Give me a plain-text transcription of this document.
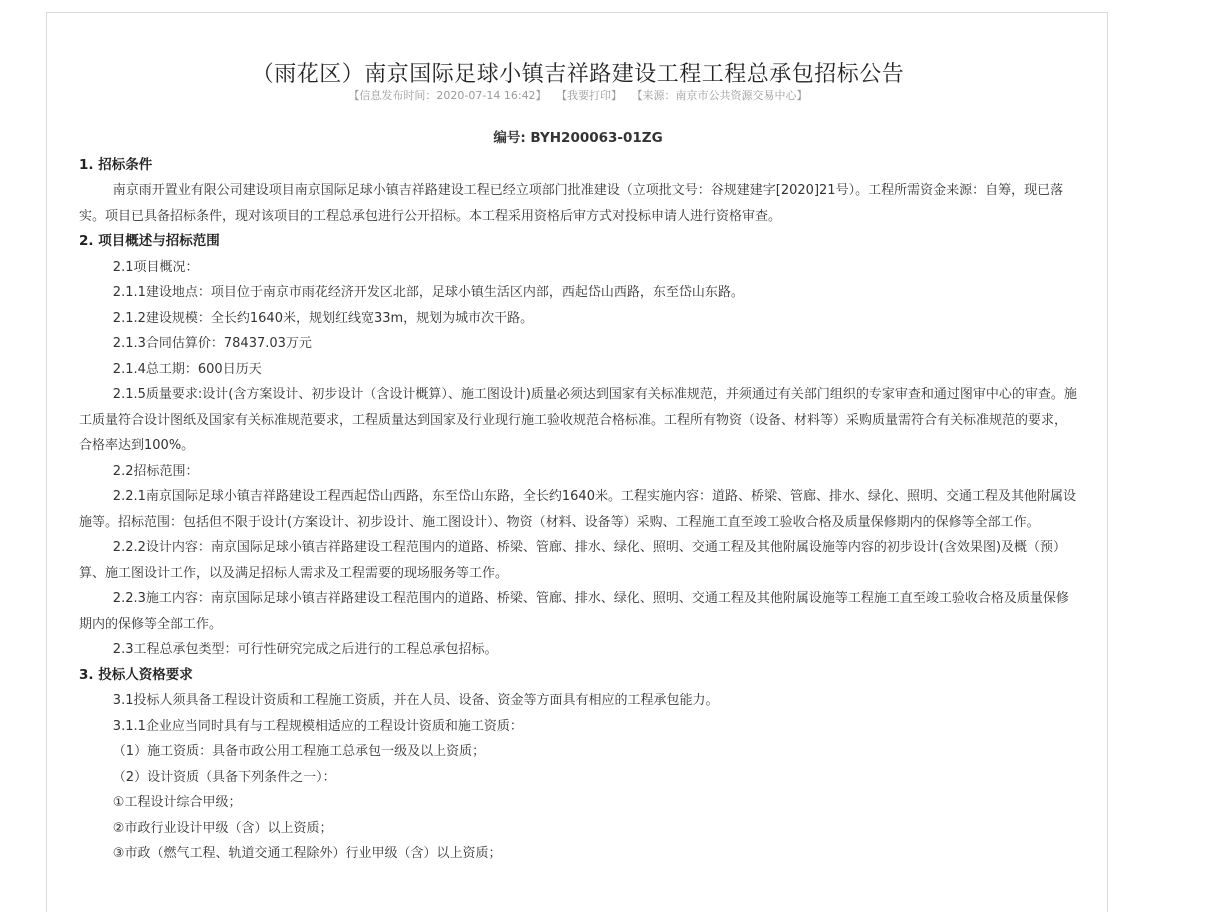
（雨花区）南京国际足球小镇吉祥路建设工程工程总承包招标公告
【信息发布时间：2020-07-14 16:42】 【我要打印】 【来源：南京市公共资源交易中心】

编号: BYH200063-01ZG

1. 招标条件

南京雨开置业有限公司建设项目南京国际足球小镇吉祥路建设工程已经立项部门批准建设（立项批文号：谷规建建字[2020]21号）。工程所需资金来源：自筹，现已落实。项目已具备招标条件，现对该项目的工程总承包进行公开招标。本工程采用资格后审方式对投标申请人进行资格审查。

2. 项目概述与招标范围

2.1项目概况：

2.1.1建设地点：项目位于南京市雨花经济开发区北部，足球小镇生活区内部，西起岱山西路，东至岱山东路。

2.1.2建设规模：全长约1640米，规划红线宽33m，规划为城市次干路。

2.1.3合同估算价：78437.03万元

2.1.4总工期：600日历天

2.1.5质量要求:设计(含方案设计、初步设计（含设计概算）、施工图设计)质量必须达到国家有关标准规范，并须通过有关部门组织的专家审查和通过图审中心的审查。施工质量符合设计图纸及国家有关标准规范要求，工程质量达到国家及行业现行施工验收规范合格标准。工程所有物资（设备、材料等）采购质量需符合有关标准规范的要求，合格率达到100%。

2.2招标范围：

2.2.1南京国际足球小镇吉祥路建设工程西起岱山西路，东至岱山东路，全长约1640米。工程实施内容：道路、桥梁、管廊、排水、绿化、照明、交通工程及其他附属设施等。招标范围：包括但不限于设计(方案设计、初步设计、施工图设计）、物资（材料、设备等）采购、工程施工直至竣工验收合格及质量保修期内的保修等全部工作。

2.2.2设计内容：南京国际足球小镇吉祥路建设工程范围内的道路、桥梁、管廊、排水、绿化、照明、交通工程及其他附属设施等内容的初步设计(含效果图)及概（预）算、施工图设计工作，以及满足招标人需求及工程需要的现场服务等工作。

2.2.3施工内容：南京国际足球小镇吉祥路建设工程范围内的道路、桥梁、管廊、排水、绿化、照明、交通工程及其他附属设施等工程施工直至竣工验收合格及质量保修期内的保修等全部工作。

2.3工程总承包类型：可行性研究完成之后进行的工程总承包招标。

3. 投标人资格要求

3.1投标人须具备工程设计资质和工程施工资质，并在人员、设备、资金等方面具有相应的工程承包能力。

3.1.1企业应当同时具有与工程规模相适应的工程设计资质和施工资质：

（1）施工资质：具备市政公用工程施工总承包一级及以上资质；

（2）设计资质（具备下列条件之一）：

①工程设计综合甲级；

②市政行业设计甲级（含）以上资质；

③市政（燃气工程、轨道交通工程除外）行业甲级（含）以上资质；
